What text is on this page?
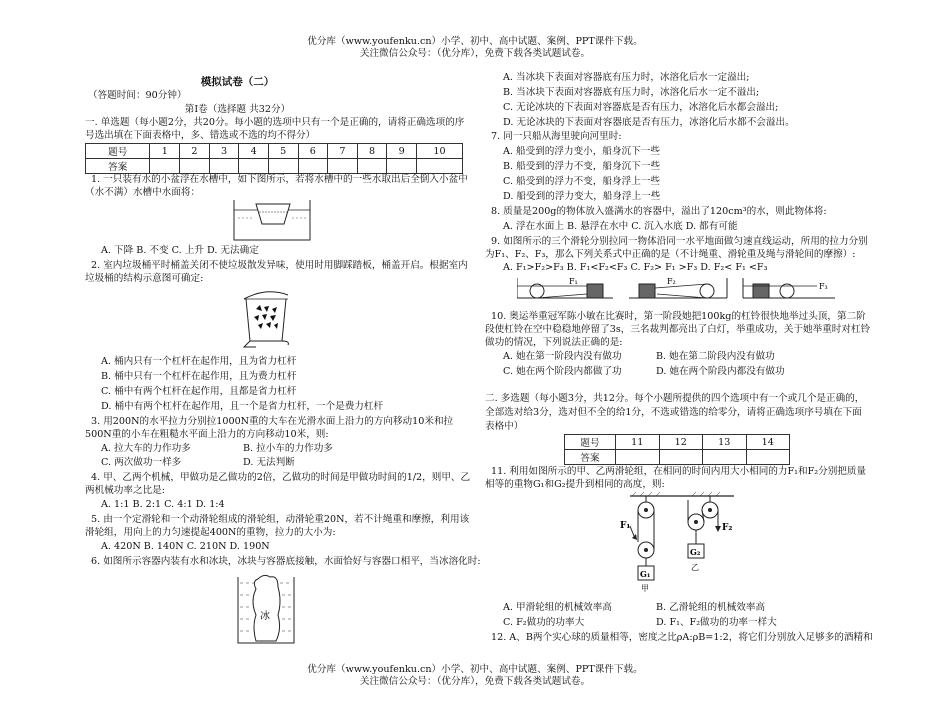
优分库（www.youfenku.cn）小学、初中、高中试题、案例、PPT课件下载。
关注微信公众号：（优分库），免费下载各类试题试卷。
模拟试卷（二）
（答题时间：90分钟）
第Ⅰ卷（选择题 共32分）
一. 单选题（每小题2分，共20分。每小题的选项中只有一个是正确的，请将正确选项的序
号选出填在下面表格中，多、错选或不选的均不得分）
题号	1	2	3	4	5	6	7	8	9	10
答案										
1. 一只装有水的小盆浮在水槽中，如下图所示，若将水槽中的一些水取出后全倒入小盆中
（水不满）水槽中水面将：
A. 下降 B. 不变 C. 上升 D. 无法确定
2. 室内垃圾桶平时桶盖关闭不使垃圾散发异味，使用时用脚踩踏板，桶盖开启。根据室内
垃圾桶的结构示意图可确定:
A. 桶内只有一个杠杆在起作用，且为省力杠杆
B. 桶中只有一个杠杆在起作用，且为费力杠杆
C. 桶中有两个杠杆在起作用，且都是省力杠杆
D. 桶中有两个杠杆在起作用，且一个是省力杠杆，一个是费力杠杆
3. 用200N的水平拉力分别拉1000N重的大车在光滑水面上沿力的方向移动10米和拉
500N重的小车在粗糙水平面上沿力的方向移动10米，则:
A. 拉大车的力作功多	B. 拉小车的力作功多
C. 两次做功一样多	D. 无法判断
4. 甲、乙两个机械，甲做功是乙做功的2倍，乙做功的时间是甲做功时间的1/2，则甲、乙
两机械功率之比是:
A. 1:1 B. 2:1 C. 4:1 D. 1:4
5. 由一个定滑轮和一个动滑轮组成的滑轮组，动滑轮重20N，若不计绳重和摩擦，利用该
滑轮组，用向上的力匀速提起400N的重物，拉力的大小为:
A. 420N B. 140N C. 210N D. 190N
6. 如图所示容器内装有水和冰块，冰块与容器底接触，水面恰好与容器口相平，当冰溶化时:
冰
A. 当冰块下表面对容器底有压力时，冰溶化后水一定溢出;
B. 当冰块下表面对容器底有压力时，冰溶化后水一定不溢出;
C. 无论冰块的下表面对容器底是否有压力，冰溶化后水都会溢出;
D. 无论冰块的下表面对容器底是否有压力，冰溶化后水都不会溢出。
7. 同一只船从海里驶向河里时:
A. 船受到的浮力变小，船身沉下一些
B. 船受到的浮力不变，船身沉下一些
C. 船受到的浮力不变，船身浮上一些
D. 船受到的浮力变大，船身浮上一些
8. 质量是200g的物体放入盛满水的容器中，溢出了120cm³的水，则此物体将:
A. 浮在水面上 B. 悬浮在水中 C. 沉入水底 D. 都有可能
9. 如图所示的三个滑轮分别拉同一物体沿同一水平地面做匀速直线运动，所用的拉力分别
为F₁、F₂、F₃，那么下列关系式中正确的是（不计绳重、滑轮重及绳与滑轮间的摩擦）:
A. F₁>F₂>F₃ B. F₁<F₂<F₃ C. F₂> F₁ >F₃ D. F₂< F₁ <F₃
F₁	F₂
F₃
10. 奥运举重冠军陈小敏在比赛时，第一阶段她把100kg的杠铃很快地举过头顶，第二阶
段使杠铃在空中稳稳地停留了3s，三名裁判都亮出了白灯，举重成功，关于她举重时对杠铃
做功的情况，下列说法正确的是:
A. 她在第一阶段内没有做功	B. 她在第二阶段内没有做功
C. 她在两个阶段内都做了功	D. 她在两个阶段内都没有做功
二. 多选题（每小题3分，共12分。每个小题所提供的四个选项中有一个或几个是正确的，
全部选对给3分，选对但不全的给1分，不选或错选的给零分，请将正确选项序号填在下面
表格中）
题号	11	12	13	14
答案				
11. 利用如图所示的甲、乙两滑轮组，在相同的时间内用大小相同的力F₁和F₂分别把质量
相等的重物G₁和G₂提升到相同的高度，则:
F₁
G₁
甲
F₂
G₂
乙
A. 甲滑轮组的机械效率高	B. 乙滑轮组的机械效率高
C. F₂做功的功率大	D. F₁、F₂做功的功率一样大
12. A、B两个实心球的质量相等，密度之比ρA:ρB=1:2，将它们分别放入足够多的酒精和
优分库（www.youfenku.cn）小学、初中、高中试题、案例、PPT课件下载。
关注微信公众号：（优分库），免费下载各类试题试卷。
